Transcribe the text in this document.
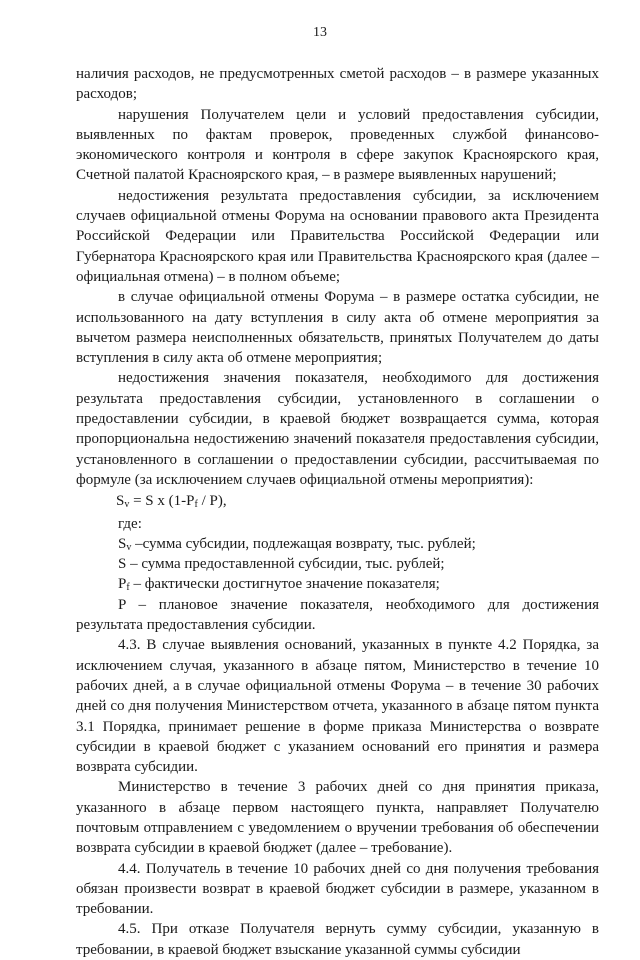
13

наличия расходов, не предусмотренных сметой расходов – в размере указанных расходов;

нарушения Получателем цели и условий предоставления субсидии, выявленных по фактам проверок, проведенных службой финансово-экономического контроля и контроля в сфере закупок Красноярского края, Счетной палатой Красноярского края, – в размере выявленных нарушений;

недостижения результата предоставления субсидии, за исключением случаев официальной отмены Форума на основании правового акта Президента Российской Федерации или Правительства Российской Федерации или Губернатора Красноярского края или Правительства Красноярского края (далее – официальная отмена) – в полном объеме;

в случае официальной отмены Форума – в размере остатка субсидии, не использованного на дату вступления в силу акта об отмене мероприятия за вычетом размера неисполненных обязательств, принятых Получателем до даты вступления в силу акта об отмене мероприятия;

недостижения значения показателя, необходимого для достижения результата предоставления субсидии, установленного в соглашении о предоставлении субсидии, в краевой бюджет возвращается сумма, которая пропорциональна недостижению значений показателя предоставления субсидии, установленного в соглашении о предоставлении субсидии, рассчитываемая по формуле (за исключением случаев официальной отмены мероприятия):

$S_v = S$ x $(1-P_f / P)$,

где:

$S_v$ –сумма субсидии, подлежащая возврату, тыс. рублей;

S – сумма предоставленной субсидии, тыс. рублей;

$P_f$ – фактически достигнутое значение показателя;

P – плановое значение показателя, необходимого для достижения результата предоставления субсидии.

4.3. В случае выявления оснований, указанных в пункте 4.2 Порядка, за исключением случая, указанного в абзаце пятом, Министерство в течение 10 рабочих дней, а в случае официальной отмены Форума – в течение 30 рабочих дней со дня получения Министерством отчета, указанного в абзаце пятом пункта 3.1 Порядка, принимает решение в форме приказа Министерства о возврате субсидии в краевой бюджет с указанием оснований его принятия и размера возврата субсидии.

Министерство в течение 3 рабочих дней со дня принятия приказа, указанного в абзаце первом настоящего пункта, направляет Получателю почтовым отправлением с уведомлением о вручении требования об обеспечении возврата субсидии в краевой бюджет (далее – требование).

4.4. Получатель в течение 10 рабочих дней со дня получения требования обязан произвести возврат в краевой бюджет субсидии в размере, указанном в требовании.

4.5. При отказе Получателя вернуть сумму субсидии, указанную в требовании, в краевой бюджет взыскание указанной суммы субсидии
